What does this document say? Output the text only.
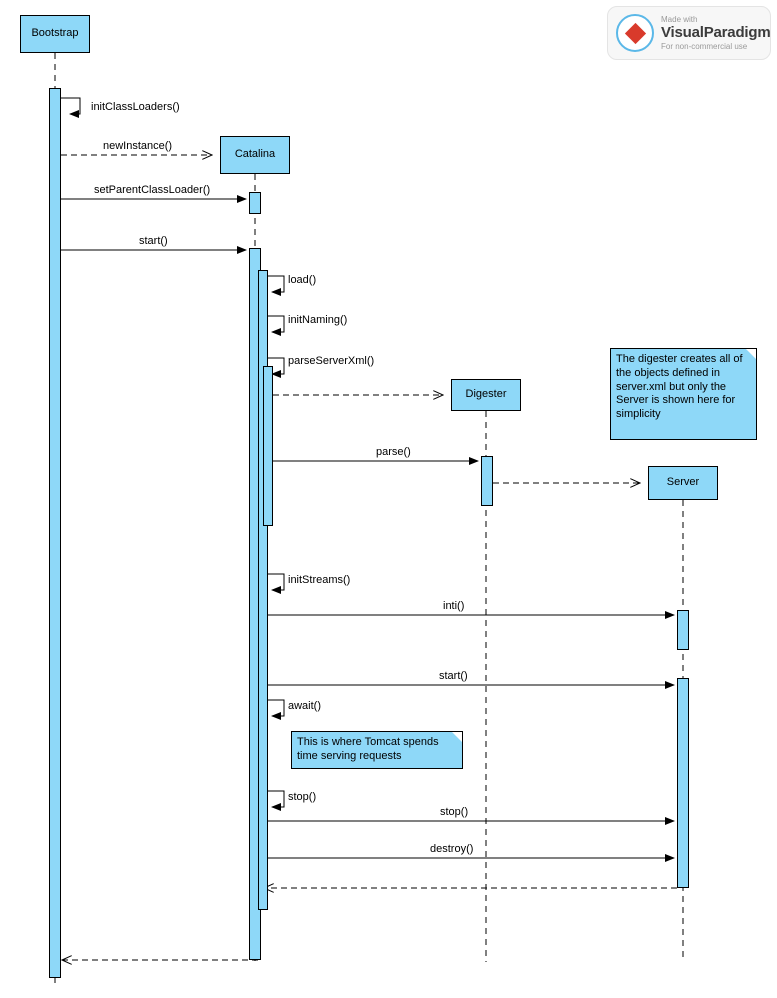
Bootstrap
Catalina
Digester
Server
initClassLoaders()
newInstance()
setParentClassLoader()
start()
load()
initNaming()
parseServerXml()
parse()
initStreams()
inti()
start()
await()
stop()
stop()
destroy()
The digester creates all of the objects defined in server.xml but only the Server is shown here for simplicity
This is where Tomcat spends time serving requests
Made with
VisualParadigm
For non-commercial use
